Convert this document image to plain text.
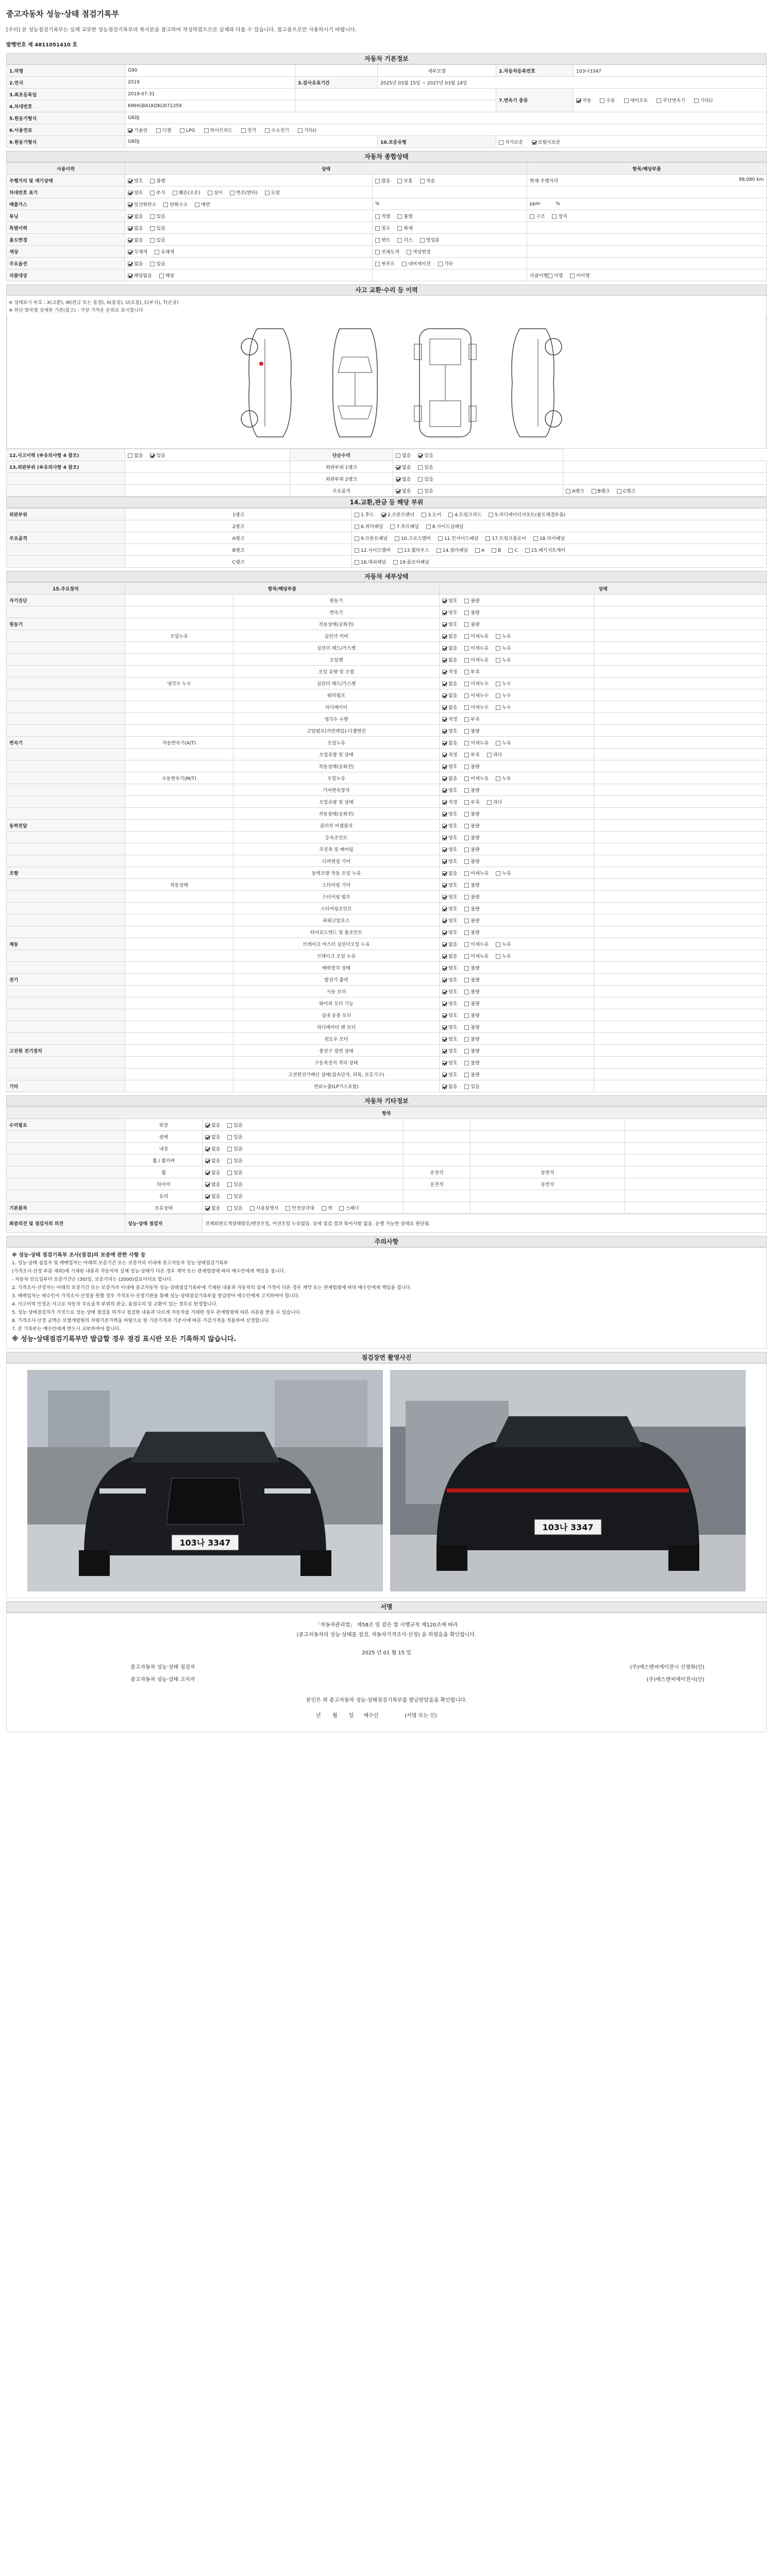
중고자동차 성능·상태 점검기록부
[주의] 본 성능점검기록부는 실제 교부한 성능점검기록부의 복사본을 참고하여 작성하였으므로 실제와 다를 수 있습니다. 참고용으로만 사용하시기 바랍니다.
발행번호 제 4811051410 호
자동차 기본정보
1.차명	G90		세부모델	2.자동차등록번호	103나3347
2.연식	2019	3.검사유효기간	2025년 03월 15일 ~ 2027년 03월 14일		
3.최초등록일	2019-07-31			7.변속기 종류	자동 수동 세미오토 무단변속기 기타()
4.차대번호	KMHGB41KDKU071359				
5.원동기형식	G6DJ				
6.사용연료	가솔린 디젤 LPG 하이브리드 전기 수소전기 기타()				
9.원동기형식	G6DJ		10.보증유형	자가보증 보험사보증	
자동차 종합상태
사용이력	상태		항목/해당부품
주행거리 및 계기상태	양호 불량	많음 보통 적음	현재 주행거리 98,080 km

차대번호 표기	양호 부식 훼손(오손) 상이 변조(변타) 도말		
배출가스	일산화탄소 탄화수소 매연	%	ppm %
튜닝	없음 있음	적법 불법	구조 장치
특별이력	없음 있음	침수 화재	
용도변경	없음 있음	렌트 리스 영업용	
색상	무채색 유채색	전체도색 색상변경	
주요옵션	없음 있음	썬루프 네비게이션 기타	
리콜대상	해당없음 해당		리콜이행 이행 미이행
사고 교환·수리 등 이력
※ 상태표시 부호 : X(교환), W(판금 또는 용접), A(흠집), U(요철), C(부식), T(손상)
※ 하단 항목별 상세한 기준(참고) : 가장 가까운 순위로 표시합니다
12.사고이력 (※유의사항 4 참조)	없음 있음	단순수리	없음 있음	
13.외판부위 (※유의사항 4 참조)		외판부위 1랭크	없음 있음	
		외판부위 2랭크	없음 있음	
		주요골격	없음 있음	A랭크 B랭크 C랭크
14.교환,판금 등 해당 부위
외판부위	1랭크	1.후드 2.프론트펜더 3.도어 4.트렁크리드 5.라디에이터서포트(볼트체결부품)
	2랭크	6.쿼터패널 7.루프패널 8.사이드실패널
주요골격	A랭크	9.프론트패널 10.크로스멤버 11.인사이드패널 17.트렁크플로어 18.리어패널
	B랭크	12.사이드멤버 13.휠하우스 14.필러패널 A B C 15.패키지트레이
	C랭크	16.대쉬패널 19.플로어패널
자동차 세부상태
15.주요장치	항목/해당부품		상태	
자기진단		원동기	양호 불량	
		변속기	양호 불량	
원동기		작동상태(공회전)	양호 불량	
	오일누유	실린더 커버	없음 미세누유 누유	
		실린더 헤드/가스켓	없음 미세누유 누유	
		오일팬	없음 미세누유 누유	
		오일 유량 및 오염	적정 부족	
	냉각수 누수	실린더 헤드/가스켓	없음 미세누수 누수	
		워터펌프	없음 미세누수 누수	
		라디에이터	없음 미세누수 누수	
		냉각수 수량	적정 부족	
		고압펌프(커먼레일)-디젤엔진	양호 불량	
변속기	자동변속기(A/T)	오일누유	없음 미세누유 누유	
		오일유량 및 상태	적정 부족 과다	
		작동상태(공회전)	양호 불량	
	수동변속기(M/T)	오일누유	없음 미세누유 누유	
		기어변속장치	양호 불량	
		오일유량 및 상태	적정 부족 과다	
		작동상태(공회전)	양호 불량	
동력전달		클러치 어셈블리	양호 불량	
		등속조인트	양호 불량	
		추진축 및 베어링	양호 불량	
		디퍼렌셜 기어	양호 불량	
조향		동력조향 작동 오일 누유	없음 미세누유 누유	
	작동상태	스티어링 기어	양호 불량	
		스티어링 펌프	양호 불량	
		스티어링조인트	양호 불량	
		파워고압호스	양호 불량	
		타이로드엔드 및 볼조인트	양호 불량	
제동		브레이크 마스터 실린더오일 누유	없음 미세누유 누유	
		브레이크 오일 누유	없음 미세누유 누유	
		배력장치 상태	양호 불량	
전기		발전기 출력	양호 불량	
		시동 모터	양호 불량	
		와이퍼 모터 기능	양호 불량	
		실내 송풍 모터	양호 불량	
		라디에이터 팬 모터	양호 불량	
		윈도우 모터	양호 불량	
고전원 전기장치		충전구 절연 상태	양호 불량	
		구동축전지 격리 상태	양호 불량	
		고전원전기배선 상태(접속단자, 피복, 보호기구)	양호 불량	
기타		연료누출(LP가스포함)	없음 있음	
자동차 기타정보
항목					
수리필요	외장	없음 있음			
	광택	없음 있음			
	내장	없음 있음			
	휠 / 휠커버	없음 있음			
	휠	없음 있음	운전석	동반석	
	타이어	없음 있음	운전석	동반석	
	유리	없음 있음			
기본품목	보유상태	없음 있음 사용설명서 안전삼각대 잭 스패너			
최종의견 및 점검자의 의견	성능·상태 점검자	전체외판도색상태양호/엔진오일, 미션오일 누유없음. 상세 점검 결과 특이사항 없음. 운행 가능한 상태로 판단됨.
주의사항

※ 성능·상태 점검기록부 조사(점검)의 보증에 관한 사항 등

1. 성능·상태 점검자 및 매매업자는 아래의 보증기간 또는 보증거리 이내에 중고자동차 성능·상태점검기록부

(가격조사·산정 부분 제외)에 기재된 내용과 자동차의 실제 성능·상태가 다른 경우 계약 또는 관계법령에 따라 매수인에게 책임을 집니다.

- 자동차 인도일부터 보증기간은 (30)일, 보증거리는 (2000)킬로미터로 합니다.

2. 가격조사·산정자는 아래의 보증기간 또는 보증거리 이내에 중고자동차 성능·상태점검기록부에 기재된 내용과 자동차의 실제 가격이 다른 경우 계약 또는 관계법령에 따라 매수인에게 책임을 집니다.

3. 매매업자는 매수인이 가격조사·산정을 원할 경우 가격조사·산정기관을 통해 성능·상태점검기록부를 발급받아 매수인에게 고지하여야 합니다.

4. 사고이력 인정은 사고로 자동차 주요골격 부위의 판금, 용접수리 및 교환이 있는 경우로 한정합니다.

5. 성능·상태점검자가 거짓으로 성능·상태 점검을 하거나 점검한 내용과 다르게 자동차를 거래한 경우 관계법령에 따른 처분을 받을 수 있습니다.

6. 가격조사·산정 금액은 보험개발원의 차량기준가액을 바탕으로 한 기준가격과 기준서에 따른 가감가격을 적용하여 산정합니다.

7. 본 기록부는 매수인에게 반드시 교부하여야 합니다.

※ 성능·상태점검기록부만 발급할 경우 점검 표시란 모든 기록하지 않습니다.

점검장면 촬영사진
103나 3347
103나 3347
서명
「자동차관리법」 제58조 및 같은 법 시행규칙 제120조에 따라
(중고자동차의 성능·상태를 점검, 자동차가격조사·산정) 을 하였음을 확인합니다.
2025 년 01 월 15 일
중고자동차 성능·상태 점검자	(주)에스엔씨에이전시 신영화(인)
중고자동차 성능·상태 고지자	(주)에스엔씨에이전시(인)
본인은 위 중고자동차 성능·상태점검기록부를 발급받았음을 확인합니다.
년 월 일 매수인	(서명 또는 인)
